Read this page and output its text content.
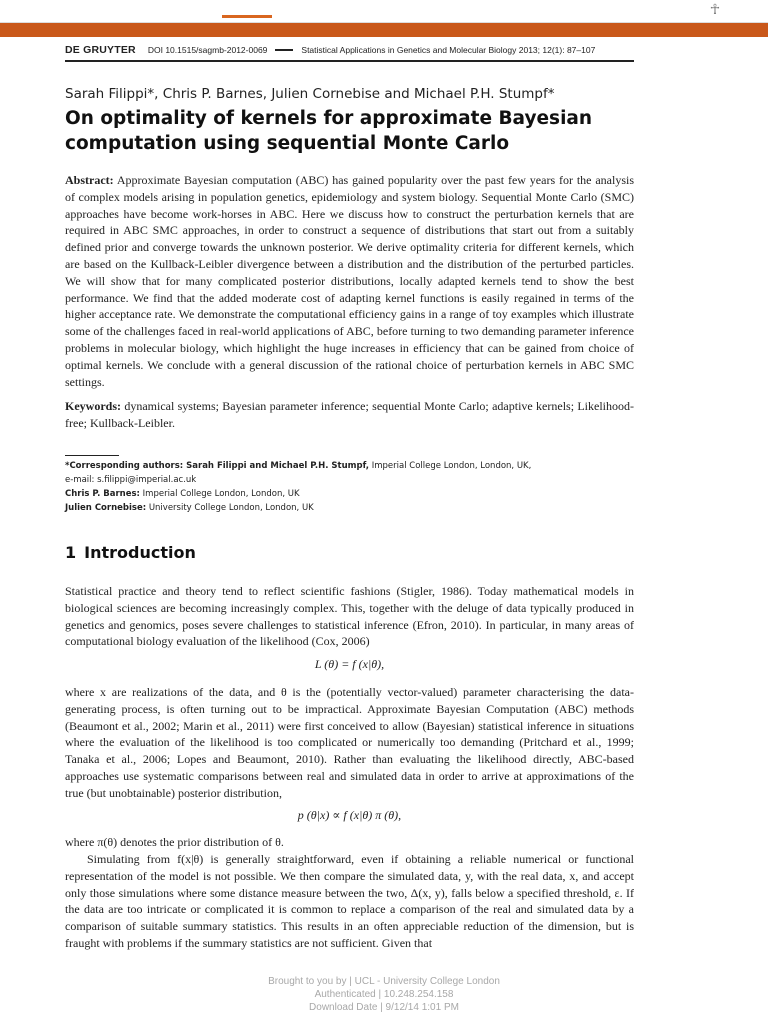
☥
DE GRUYTER DOI 10.1515/sagmb-2012-0069	Statistical Applications in Genetics and Molecular Biology 2013; 12(1): 87–107
Sarah Filippi*, Chris P. Barnes, Julien Cornebise and Michael P.H. Stumpf*
On optimality of kernels for approximate Bayesian computation using sequential Monte Carlo

Abstract: Approximate Bayesian computation (ABC) has gained popularity over the past few years for the analysis of complex models arising in population genetics, epidemiology and system biology. Sequential Monte Carlo (SMC) approaches have become work-horses in ABC. Here we discuss how to construct the perturbation kernels that are required in ABC SMC approaches, in order to construct a sequence of distributions that start out from a suitably defined prior and converge towards the unknown posterior. We derive optimality criteria for different kernels, which are based on the Kullback-Leibler divergence between a distribution and the distribution of the perturbed particles. We will show that for many complicated posterior distributions, locally adapted kernels tend to show the best performance. We find that the added moderate cost of adapting kernel functions is easily regained in terms of the higher acceptance rate. We demonstrate the computational efficiency gains in a range of toy examples which illustrate some of the challenges faced in real-world applications of ABC, before turning to two demanding parameter inference problems in molecular biology, which highlight the huge increases in efficiency that can be gained from choice of optimal kernels. We conclude with a general discussion of the rational choice of perturbation kernels in ABC SMC settings.

Keywords: dynamical systems; Bayesian parameter inference; sequential Monte Carlo; adaptive kernels; Likelihood-free; Kullback-Leibler.

*Corresponding authors: Sarah Filippi and Michael P.H. Stumpf, Imperial College London, London, UK,
e-mail: s.filippi@imperial.ac.uk
Chris P. Barnes: Imperial College London, London, UK
Julien Cornebise: University College London, London, UK
1 Introduction

Statistical practice and theory tend to reflect scientific fashions (Stigler, 1986). Today mathematical models in biological sciences are becoming increasingly complex. This, together with the deluge of data typically produced in genetics and genomics, poses severe challenges to statistical inference (Efron, 2010). In particular, in many areas of computational biology evaluation of the likelihood (Cox, 2006)

L (θ) = f (x|θ),

where x are realizations of the data, and θ is the (potentially vector-valued) parameter characterising the data-generating process, is often turning out to be impractical. Approximate Bayesian Computation (ABC) methods (Beaumont et al., 2002; Marin et al., 2011) were first conceived to allow (Bayesian) statistical inference in situations where the evaluation of the likelihood is too complicated or numerically too demanding (Pritchard et al., 1999; Tanaka et al., 2006; Lopes and Beaumont, 2010). Rather than evaluating the likelihood directly, ABC-based approaches use systematic comparisons between real and simulated data in order to arrive at approximations of the true (but unobtainable) posterior distribution,

p (θ|x) ∝ f (x|θ) π (θ),

where π(θ) denotes the prior distribution of θ.

Simulating from f(x|θ) is generally straightforward, even if obtaining a reliable numerical or functional representation of the model is not possible. We then compare the simulated data, y, with the real data, x, and accept only those simulations where some distance measure between the two, Δ(x, y), falls below a specified threshold, ε. If the data are too intricate or complicated it is common to replace a comparison of the real and simulated data by a comparison of suitable summary statistics. This results in an often appreciable reduction of the dimension, but is fraught with problems if the summary statistics are not sufficient. Given that

Brought to you by | UCL - University College London
Authenticated | 10.248.254.158
Download Date | 9/12/14 1:01 PM
